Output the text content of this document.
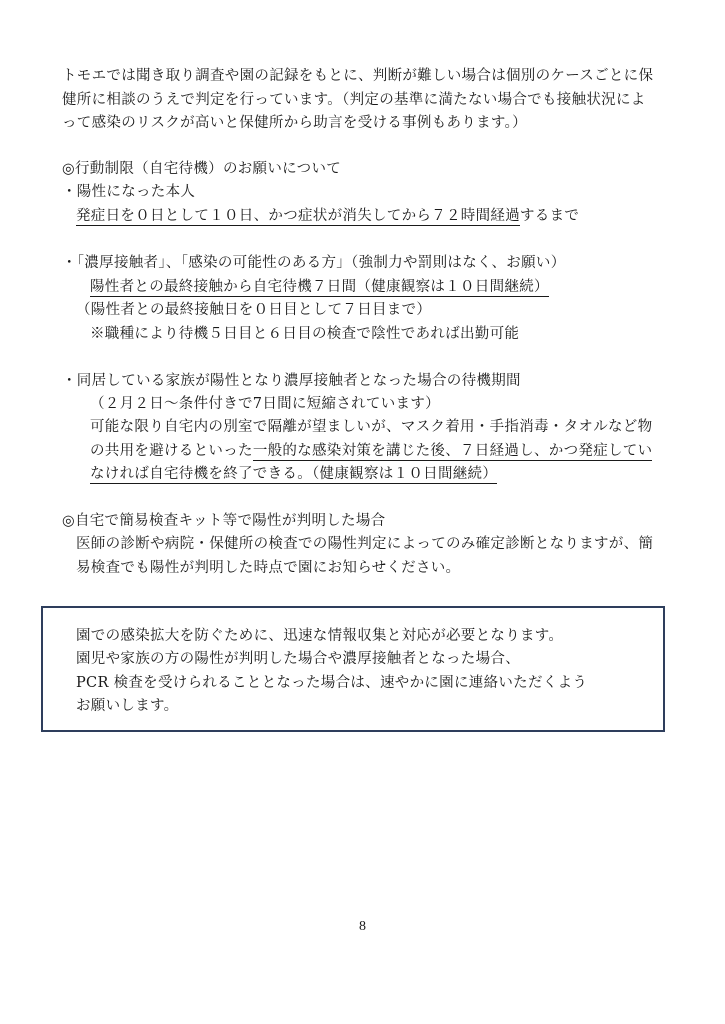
トモエでは聞き取り調査や園の記録をもとに、判断が難しい場合は個別のケースごとに保
健所に相談のうえで判定を行っています。（判定の基準に満たない場合でも接触状況によ
って感染のリスクが高いと保健所から助言を受ける事例もあります。）
◎行動制限（自宅待機）のお願いについて
・陽性になった本人
発症日を０日として１０日、かつ症状が消失してから７２時間経過するまで
・「濃厚接触者」、「感染の可能性のある方」（強制力や罰則はなく、お願い）
陽性者との最終接触から自宅待機７日間（健康観察は１０日間継続）
（陽性者との最終接触日を０日目として７日目まで）
※職種により待機５日目と６日目の検査で陰性であれば出勤可能
・同居している家族が陽性となり濃厚接触者となった場合の待機期間
（２月２日～条件付きで7日間に短縮されています）
可能な限り自宅内の別室で隔離が望ましいが、マスク着用・手指消毒・タオルなど物
の共用を避けるといった一般的な感染対策を講じた後、７日経過し、かつ発症してい
なければ自宅待機を終了できる。（健康観察は１０日間継続）
◎自宅で簡易検査キット等で陽性が判明した場合
医師の診断や病院・保健所の検査での陽性判定によってのみ確定診断となりますが、簡
易検査でも陽性が判明した時点で園にお知らせください。
園での感染拡大を防ぐために、迅速な情報収集と対応が必要となります。
園児や家族の方の陽性が判明した場合や濃厚接触者となった場合、
PCR 検査を受けられることとなった場合は、速やかに園に連絡いただくよう
お願いします。
8
